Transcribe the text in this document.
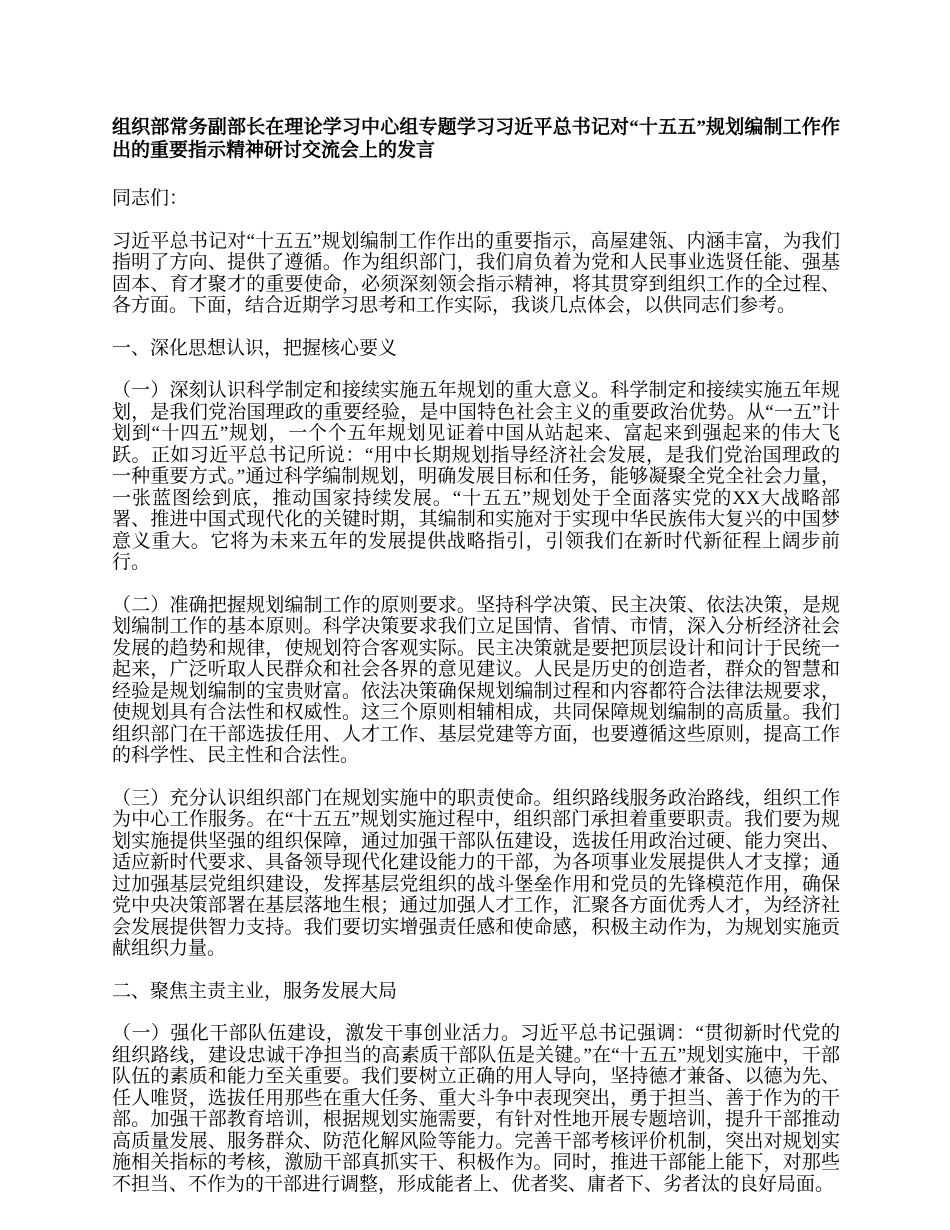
组织部常务副部长在理论学习中心组专题学习习近平总书记对“十五五”规划编制工作作出的重要指示精神研讨交流会上的发言

同志们：

习近平总书记对“十五五”规划编制工作作出的重要指示，高屋建瓴、内涵丰富，为我们指明了方向、提供了遵循。作为组织部门，我们肩负着为党和人民事业选贤任能、强基固本、育才聚才的重要使命，必须深刻领会指示精神，将其贯穿到组织工作的全过程、各方面。下面，结合近期学习思考和工作实际，我谈几点体会，以供同志们参考。

一、深化思想认识，把握核心要义

（一）深刻认识科学制定和接续实施五年规划的重大意义。科学制定和接续实施五年规划，是我们党治国理政的重要经验，是中国特色社会主义的重要政治优势。从“一五”计划到“十四五”规划，一个个五年规划见证着中国从站起来、富起来到强起来的伟大飞跃。正如习近平总书记所说：“用中长期规划指导经济社会发展，是我们党治国理政的一种重要方式。”通过科学编制规划，明确发展目标和任务，能够凝聚全党全社会力量，一张蓝图绘到底，推动国家持续发展。“十五五”规划处于全面落实党的XX大战略部署、推进中国式现代化的关键时期，其编制和实施对于实现中华民族伟大复兴的中国梦意义重大。它将为未来五年的发展提供战略指引，引领我们在新时代新征程上阔步前行。

（二）准确把握规划编制工作的原则要求。坚持科学决策、民主决策、依法决策，是规划编制工作的基本原则。科学决策要求我们立足国情、省情、市情，深入分析经济社会发展的趋势和规律，使规划符合客观实际。民主决策就是要把顶层设计和问计于民统一起来，广泛听取人民群众和社会各界的意见建议。人民是历史的创造者，群众的智慧和经验是规划编制的宝贵财富。依法决策确保规划编制过程和内容都符合法律法规要求，使规划具有合法性和权威性。这三个原则相辅相成，共同保障规划编制的高质量。我们组织部门在干部选拔任用、人才工作、基层党建等方面，也要遵循这些原则，提高工作的科学性、民主性和合法性。

（三）充分认识组织部门在规划实施中的职责使命。组织路线服务政治路线，组织工作为中心工作服务。在“十五五”规划实施过程中，组织部门承担着重要职责。我们要为规划实施提供坚强的组织保障，通过加强干部队伍建设，选拔任用政治过硬、能力突出、适应新时代要求、具备领导现代化建设能力的干部，为各项事业发展提供人才支撑；通过加强基层党组织建设，发挥基层党组织的战斗堡垒作用和党员的先锋模范作用，确保党中央决策部署在基层落地生根；通过加强人才工作，汇聚各方面优秀人才，为经济社会发展提供智力支持。我们要切实增强责任感和使命感，积极主动作为，为规划实施贡献组织力量。

二、聚焦主责主业，服务发展大局

（一）强化干部队伍建设，激发干事创业活力。习近平总书记强调：“贯彻新时代党的组织路线，建设忠诚干净担当的高素质干部队伍是关键。”在“十五五”规划实施中，干部队伍的素质和能力至关重要。我们要树立正确的用人导向，坚持德才兼备、以德为先、任人唯贤，选拔任用那些在重大任务、重大斗争中表现突出，勇于担当、善于作为的干部。加强干部教育培训，根据规划实施需要，有针对性地开展专题培训，提升干部推动高质量发展、服务群众、防范化解风险等能力。完善干部考核评价机制，突出对规划实施相关指标的考核，激励干部真抓实干、积极作为。同时，推进干部能上能下，对那些不担当、不作为的干部进行调整，形成能者上、优者奖、庸者下、劣者汰的良好局面。
